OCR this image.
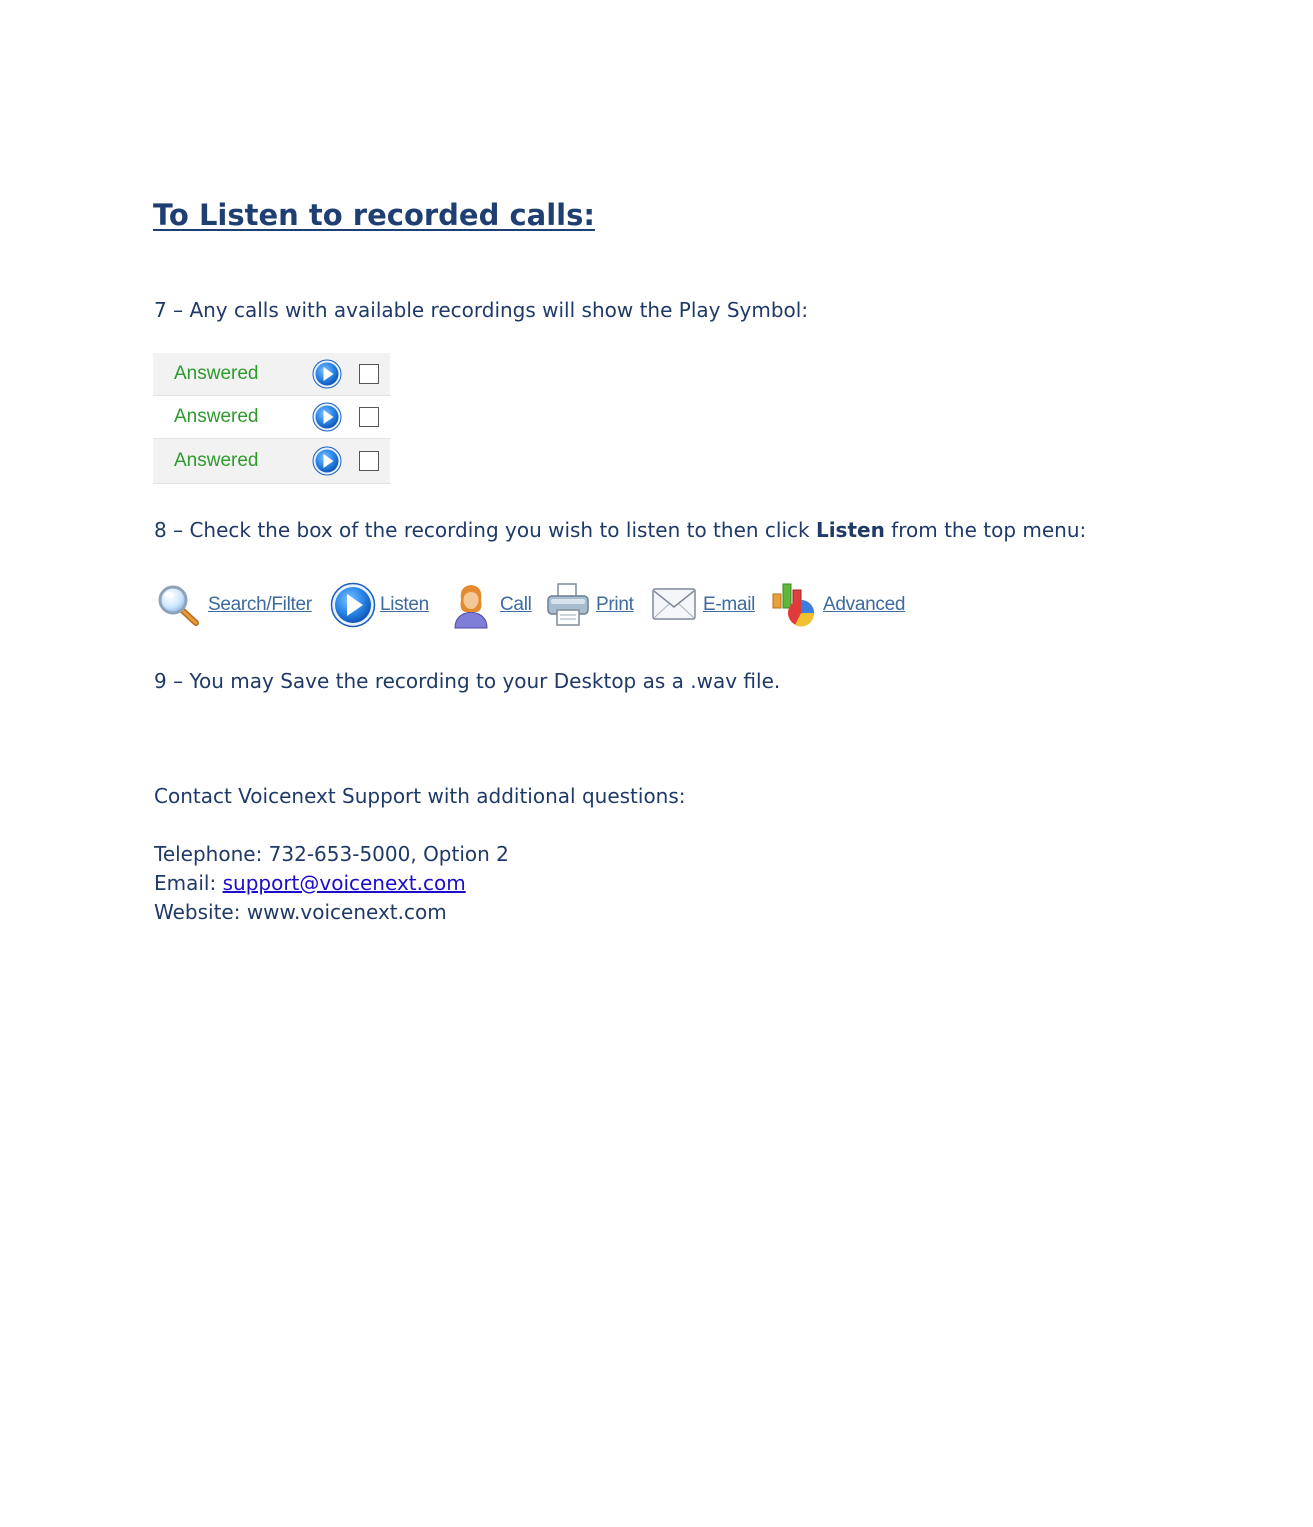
To Listen to recorded calls:
7 – Any calls with available recordings will show the Play Symbol:
Answered
Answered
Answered
8 – Check the box of the recording you wish to listen to then click Listen from the top menu:
Search/Filter	Listen	Call	Print	E-mail	Advanced
9 – You may Save the recording to your Desktop as a .wav file.
Contact Voicenext Support with additional questions:
Telephone: 732-653-5000, Option 2
Email: support@voicenext.com
Website: www.voicenext.com
